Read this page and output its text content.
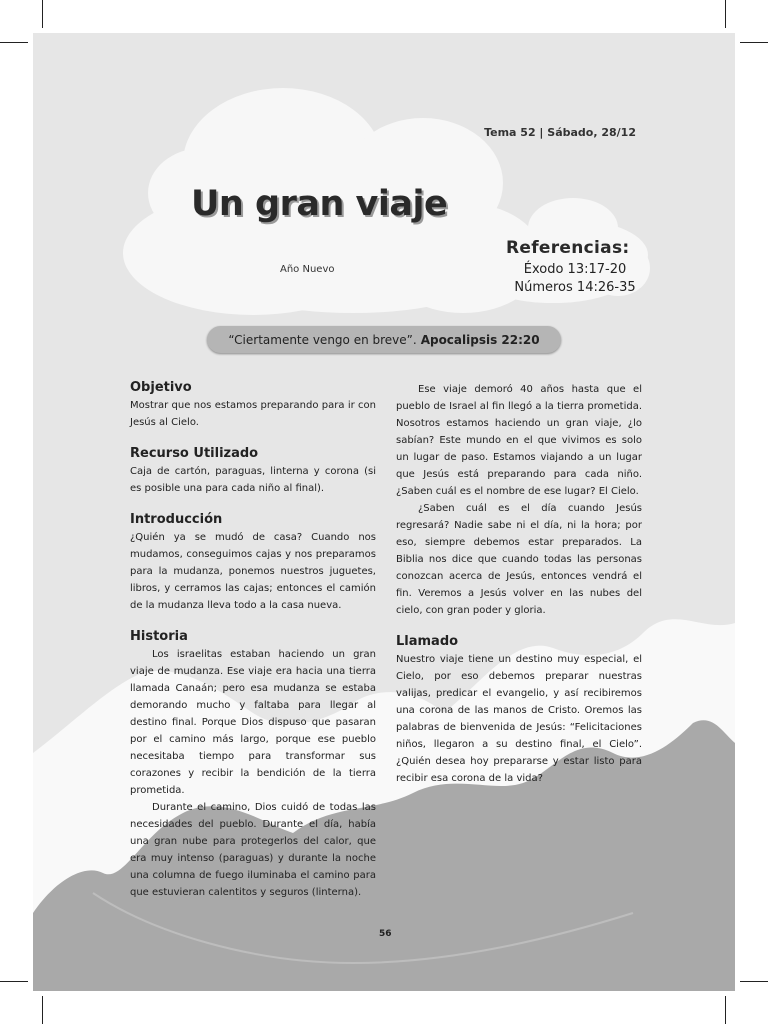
Tema 52 | Sábado, 28/12
Un gran viaje
Año Nuevo
Referencias:
Éxodo 13:17-20
Números 14:26-35
“Ciertamente vengo en breve”. Apocalipsis 22:20
Objetivo

Mostrar que nos estamos preparando para ir con Jesús al Cielo.

Recurso Utilizado

Caja de cartón, paraguas, linterna y corona (si es posible una para cada niño al final).

Introducción

¿Quién ya se mudó de casa? Cuando nos mudamos, conseguimos cajas y nos preparamos para la mudanza, ponemos nuestros juguetes, libros, y cerramos las cajas; entonces el camión de la mudanza lleva todo a la casa nueva.

Historia

Los israelitas estaban haciendo un gran viaje de mudanza. Ese viaje era hacia una tierra llamada Canaán; pero esa mudanza se estaba demorando mucho y faltaba para llegar al destino final. Porque Dios dispuso que pasaran por el camino más largo, porque ese pueblo necesitaba tiempo para transformar sus corazones y recibir la bendición de la tierra prometida.

Durante el camino, Dios cuidó de todas las necesidades del pueblo. Durante el día, había una gran nube para protegerlos del calor, que era muy intenso (paraguas) y durante la noche una columna de fuego iluminaba el camino para que estuvieran calentitos y seguros (linterna).

Ese viaje demoró 40 años hasta que el pueblo de Israel al fin llegó a la tierra prometida. Nosotros estamos haciendo un gran viaje, ¿lo sabían? Este mundo en el que vivimos es solo un lugar de paso. Estamos viajando a un lugar que Jesús está preparando para cada niño. ¿Saben cuál es el nombre de ese lugar? El Cielo.

¿Saben cuál es el día cuando Jesús regresará? Nadie sabe ni el día, ni la hora; por eso, siempre debemos estar preparados. La Biblia nos dice que cuando todas las personas conozcan acerca de Jesús, entonces vendrá el fin. Veremos a Jesús volver en las nubes del cielo, con gran poder y gloria.

Llamado

Nuestro viaje tiene un destino muy especial, el Cielo, por eso debemos preparar nuestras valijas, predicar el evangelio, y así recibiremos una corona de las manos de Cristo. Oremos las palabras de bienvenida de Jesús: “Felicitaciones niños, llegaron a su destino final, el Cielo”. ¿Quién desea hoy prepararse y estar listo para recibir esa corona de la vida?

56
